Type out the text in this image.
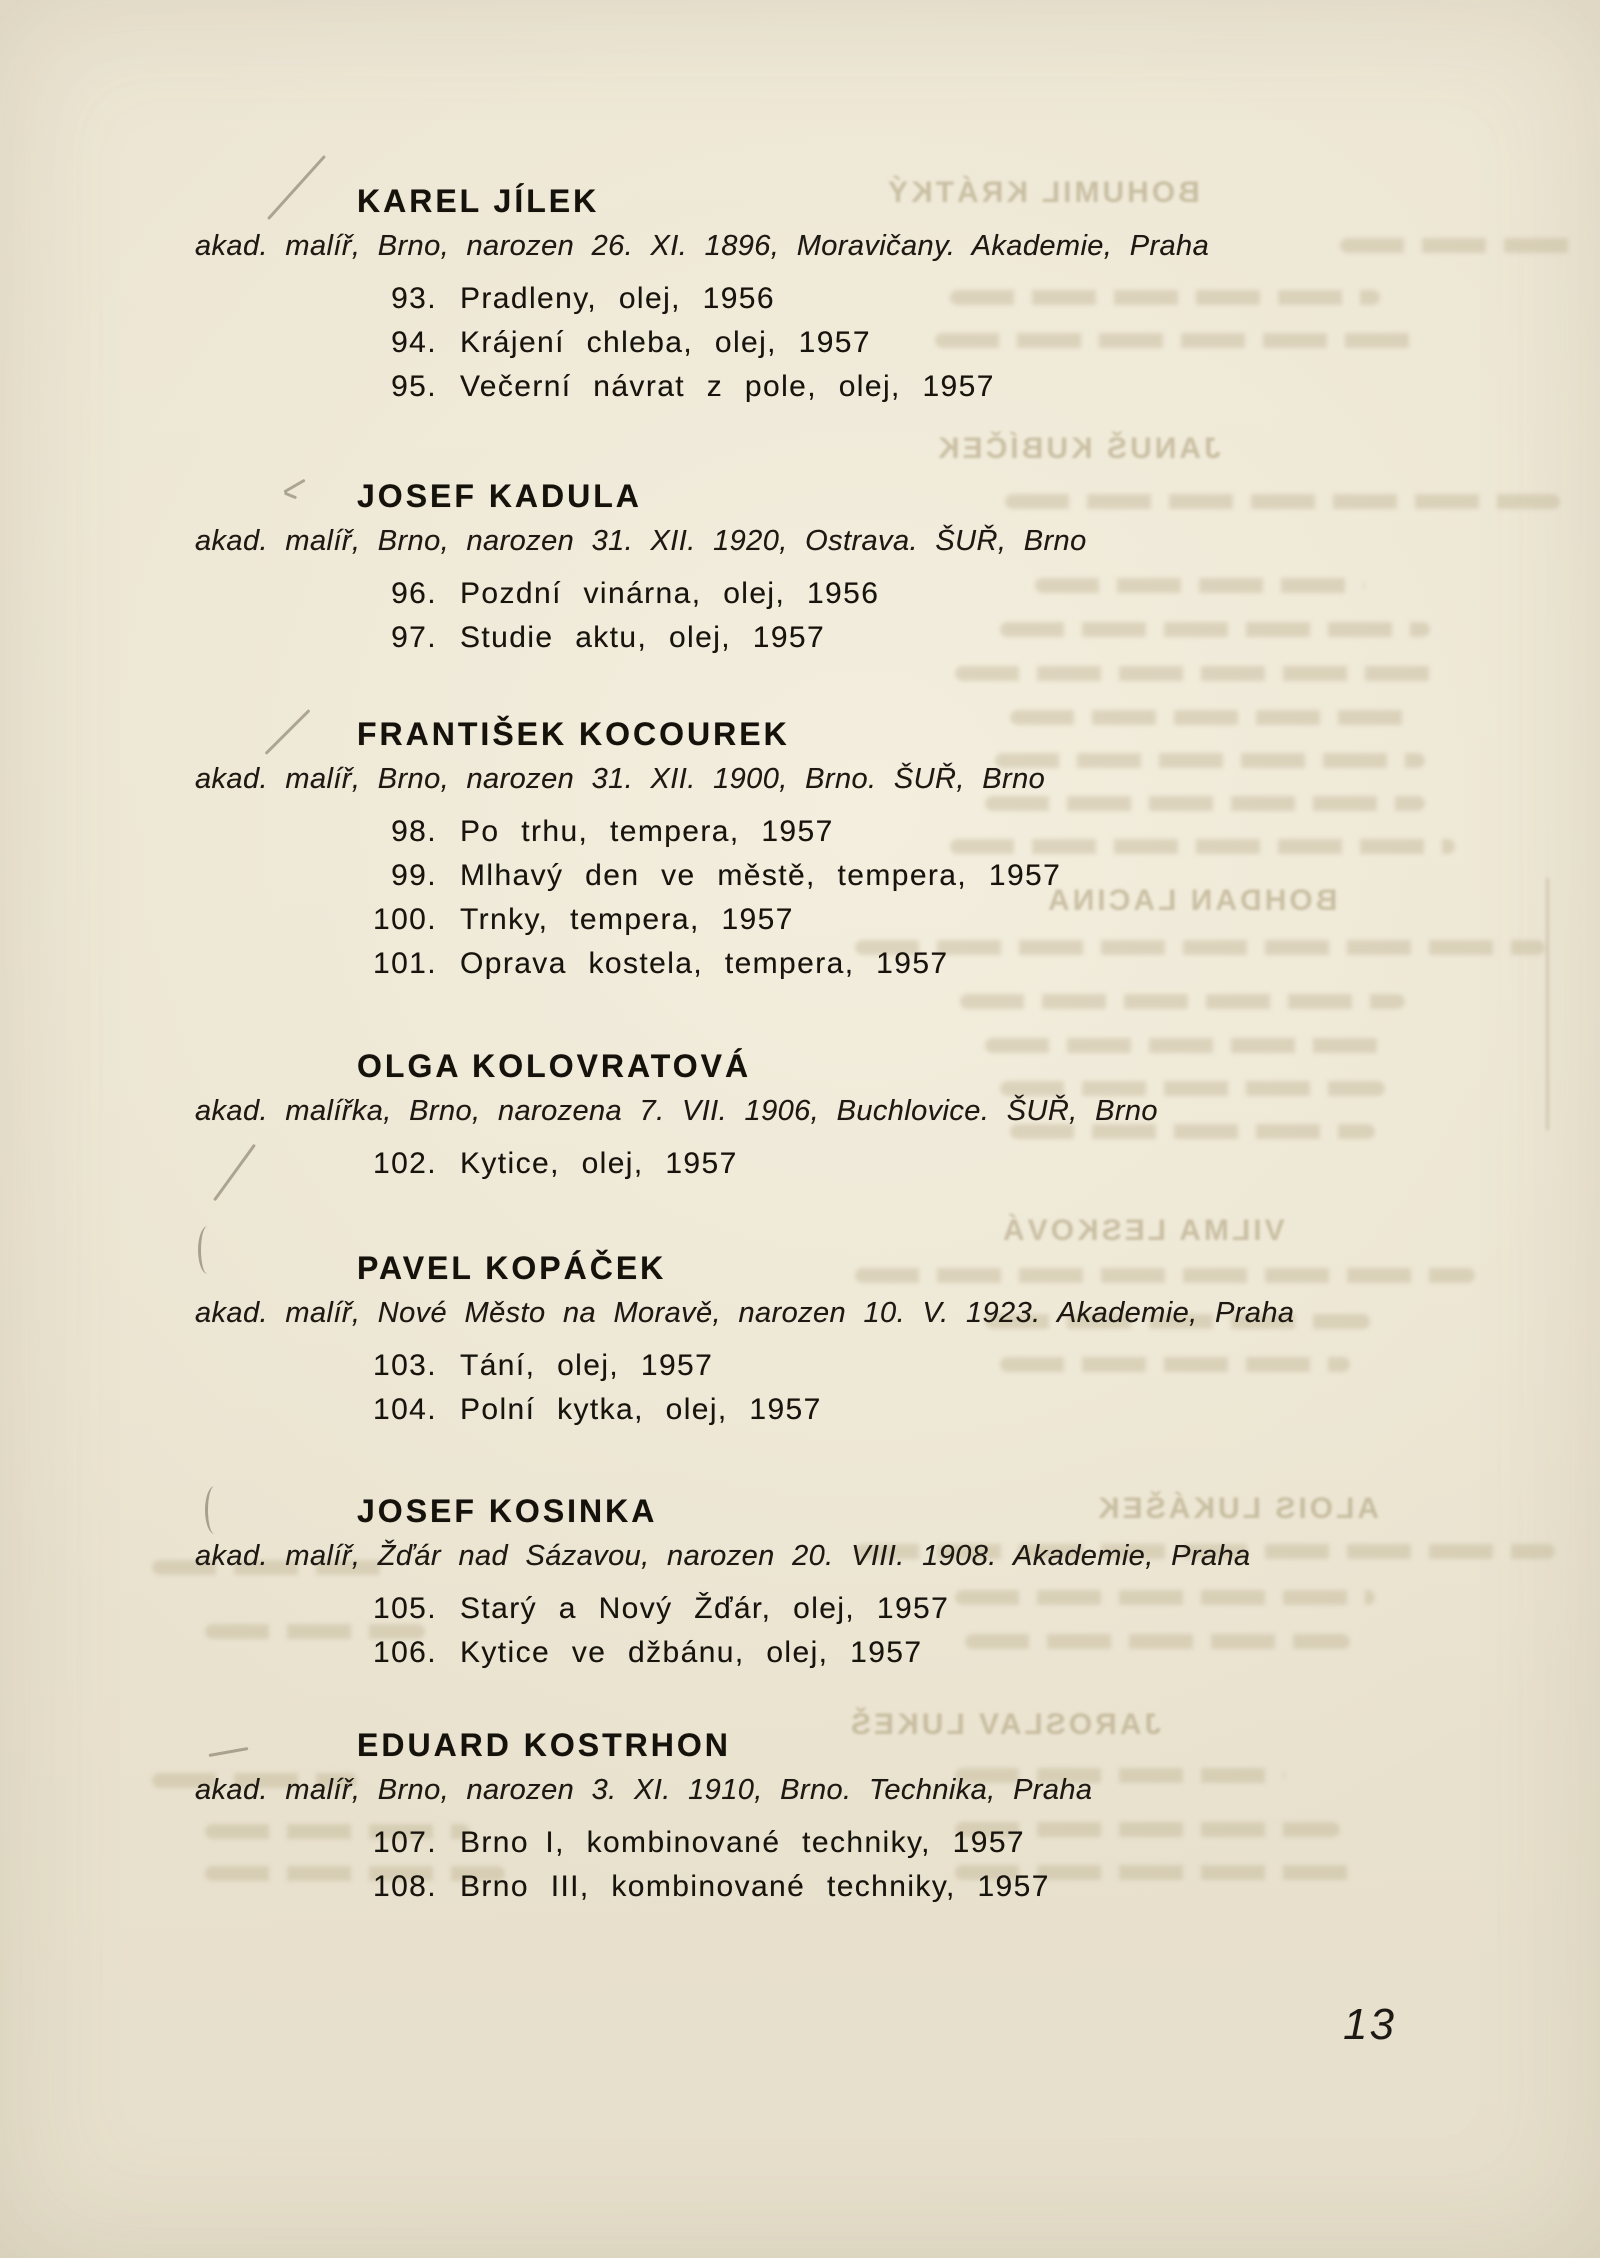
BOHUMIL KRÁTKÝ
JANUŠ KUBÍČEK
BOHDAN LACINA
VILMA LESKOVÁ
ALOIS LUKÁŠEK
JAROSLAV LUKEŠ
KAREL JÍLEK

akad. malíř, Brno, narozen 26. XI. 1896, Moravičany. Akademie, Praha

93. Pradleny, olej, 1956
94. Krájení chleba, olej, 1957
95. Večerní návrat z pole, olej, 1957
JOSEF KADULA

akad. malíř, Brno, narozen 31. XII. 1920, Ostrava. ŠUŘ, Brno

96. Pozdní vinárna, olej, 1956
97. Studie aktu, olej, 1957
FRANTIŠEK KOCOUREK

akad. malíř, Brno, narozen 31. XII. 1900, Brno. ŠUŘ, Brno

98. Po trhu, tempera, 1957
99. Mlhavý den ve městě, tempera, 1957
100. Trnky, tempera, 1957
101. Oprava kostela, tempera, 1957
OLGA KOLOVRATOVÁ

akad. malířka, Brno, narozena 7. VII. 1906, Buchlovice. ŠUŘ, Brno

102. Kytice, olej, 1957
PAVEL KOPÁČEK

akad. malíř, Nové Město na Moravě, narozen 10. V. 1923. Akademie, Praha

103. Tání, olej, 1957
104. Polní kytka, olej, 1957
JOSEF KOSINKA

akad. malíř, Žďár nad Sázavou, narozen 20. VIII. 1908. Akademie, Praha

105. Starý a Nový Žďár, olej, 1957
106. Kytice ve džbánu, olej, 1957
EDUARD KOSTRHON

akad. malíř, Brno, narozen 3. XI. 1910, Brno. Technika, Praha

107. Brno I, kombinované techniky, 1957
108. Brno III, kombinované techniky, 1957
13
